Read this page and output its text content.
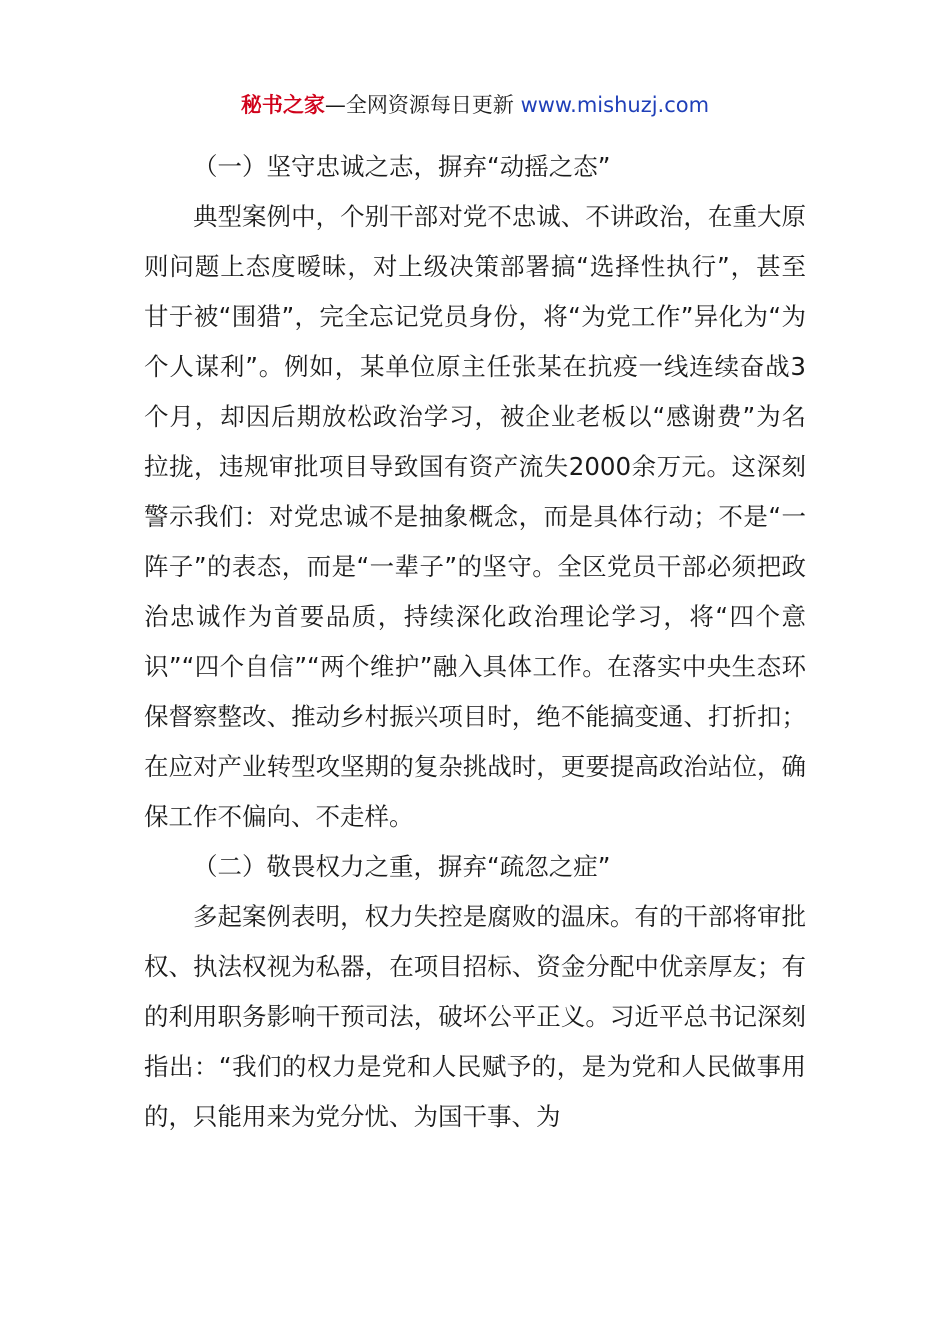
秘书之家—全网资源每日更新 www.mishuzj.com

（一）坚守忠诚之志，摒弃“动摇之态”

典型案例中，个别干部对党不忠诚、不讲政治，在重大原则问题上态度暧昧，对上级决策部署搞“选择性执行”，甚至甘于被“围猎”，完全忘记党员身份，将“为党工作”异化为“为个人谋利”。例如，某单位原主任张某在抗疫一线连续奋战3个月，却因后期放松政治学习，被企业老板以“感谢费”为名拉拢，违规审批项目导致国有资产流失2000余万元。这深刻警示我们：对党忠诚不是抽象概念，而是具体行动；不是“一阵子”的表态，而是“一辈子”的坚守。全区党员干部必须把政治忠诚作为首要品质，持续深化政治理论学习，将“四个意识”“四个自信”“两个维护”融入具体工作。在落实中央生态环保督察整改、推动乡村振兴项目时，绝不能搞变通、打折扣；在应对产业转型攻坚期的复杂挑战时，更要提高政治站位，确保工作不偏向、不走样。

（二）敬畏权力之重，摒弃“疏忽之症”

多起案例表明，权力失控是腐败的温床。有的干部将审批权、执法权视为私器，在项目招标、资金分配中优亲厚友；有的利用职务影响干预司法，破坏公平正义。习近平总书记深刻指出：“我们的权力是党和人民赋予的，是为党和人民做事用的，只能用来为党分忧、为国干事、为
